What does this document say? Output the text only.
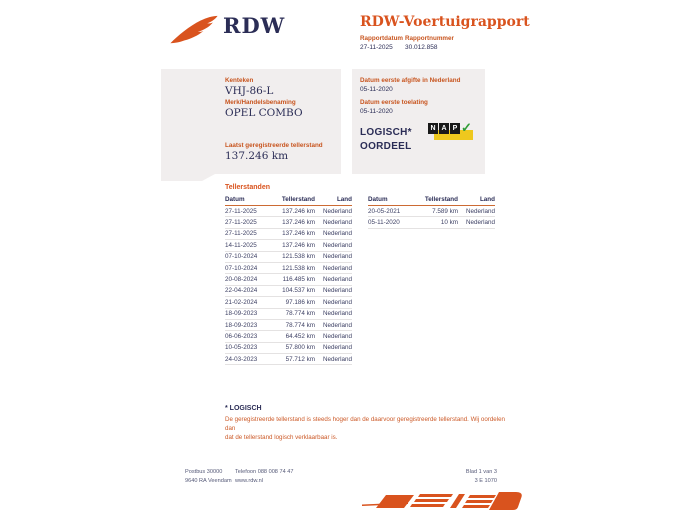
RDW	RDW-Voertuigrapport
Rapportdatum
27-11-2025
Rapportnummer
30.012.858
Kenteken
VHJ-86-L
Merk/Handelsbenaming
OPEL COMBO
Laatst geregistreerde tellerstand
137.246 km
Datum eerste afgifte in Nederland
05-11-2020
Datum eerste toelating
05-11-2020
LOGISCH*
OORDEEL
N A P ✓
Tellerstanden
Datum	Tellerstand	Land
27-11-2025	137.246 km	Nederland
27-11-2025	137.246 km	Nederland
27-11-2025	137.246 km	Nederland
14-11-2025	137.246 km	Nederland
07-10-2024	121.538 km	Nederland
07-10-2024	121.538 km	Nederland
20-08-2024	116.485 km	Nederland
22-04-2024	104.537 km	Nederland
21-02-2024	97.186 km	Nederland
18-09-2023	78.774 km	Nederland
18-09-2023	78.774 km	Nederland
06-06-2023	64.452 km	Nederland
10-05-2023	57.800 km	Nederland
24-03-2023	57.712 km	Nederland
Datum	Tellerstand	Land
20-05-2021	7.589 km	Nederland
05-11-2020	10 km	Nederland
* LOGISCH
De geregistreerde tellerstand is steeds hoger dan de daarvoor geregistreerde tellerstand. Wij oordelen dan
dat de tellerstand logisch verklaarbaar is.
Postbus 30000
9640 RA Veendam
Telefoon 088 008 74 47
www.rdw.nl
Blad 1 van 3
3 E 1070
